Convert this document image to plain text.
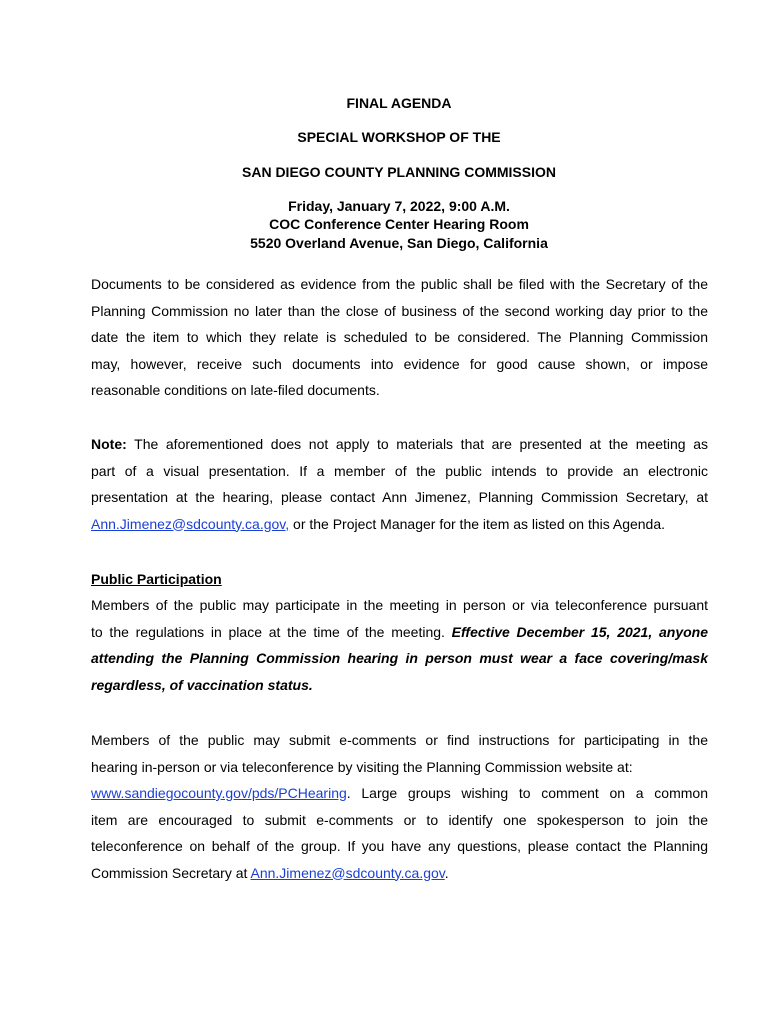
FINAL AGENDA
SPECIAL WORKSHOP OF THE
SAN DIEGO COUNTY PLANNING COMMISSION
Friday, January 7, 2022, 9:00 A.M.
COC Conference Center Hearing Room
5520 Overland Avenue, San Diego, California
Documents to be considered as evidence from the public shall be filed with the Secretary of the
Planning Commission no later than the close of business of the second working day prior to the
date the item to which they relate is scheduled to be considered. The Planning Commission
may, however, receive such documents into evidence for good cause shown, or impose
reasonable conditions on late-filed documents.
Note: The aforementioned does not apply to materials that are presented at the meeting as
part of a visual presentation. If a member of the public intends to provide an electronic
presentation at the hearing, please contact Ann Jimenez, Planning Commission Secretary, at
Ann.Jimenez@sdcounty.ca.gov, or the Project Manager for the item as listed on this Agenda.
Public Participation
Members of the public may participate in the meeting in person or via teleconference pursuant
to the regulations in place at the time of the meeting. Effective December 15, 2021, anyone
attending the Planning Commission hearing in person must wear a face covering/mask
regardless, of vaccination status.
Members of the public may submit e-comments or find instructions for participating in the
hearing in-person or via teleconference by visiting the Planning Commission website at:
www.sandiegocounty.gov/pds/PCHearing. Large groups wishing to comment on a common
item are encouraged to submit e-comments or to identify one spokesperson to join the
teleconference on behalf of the group. If you have any questions, please contact the Planning
Commission Secretary at Ann.Jimenez@sdcounty.ca.gov.
